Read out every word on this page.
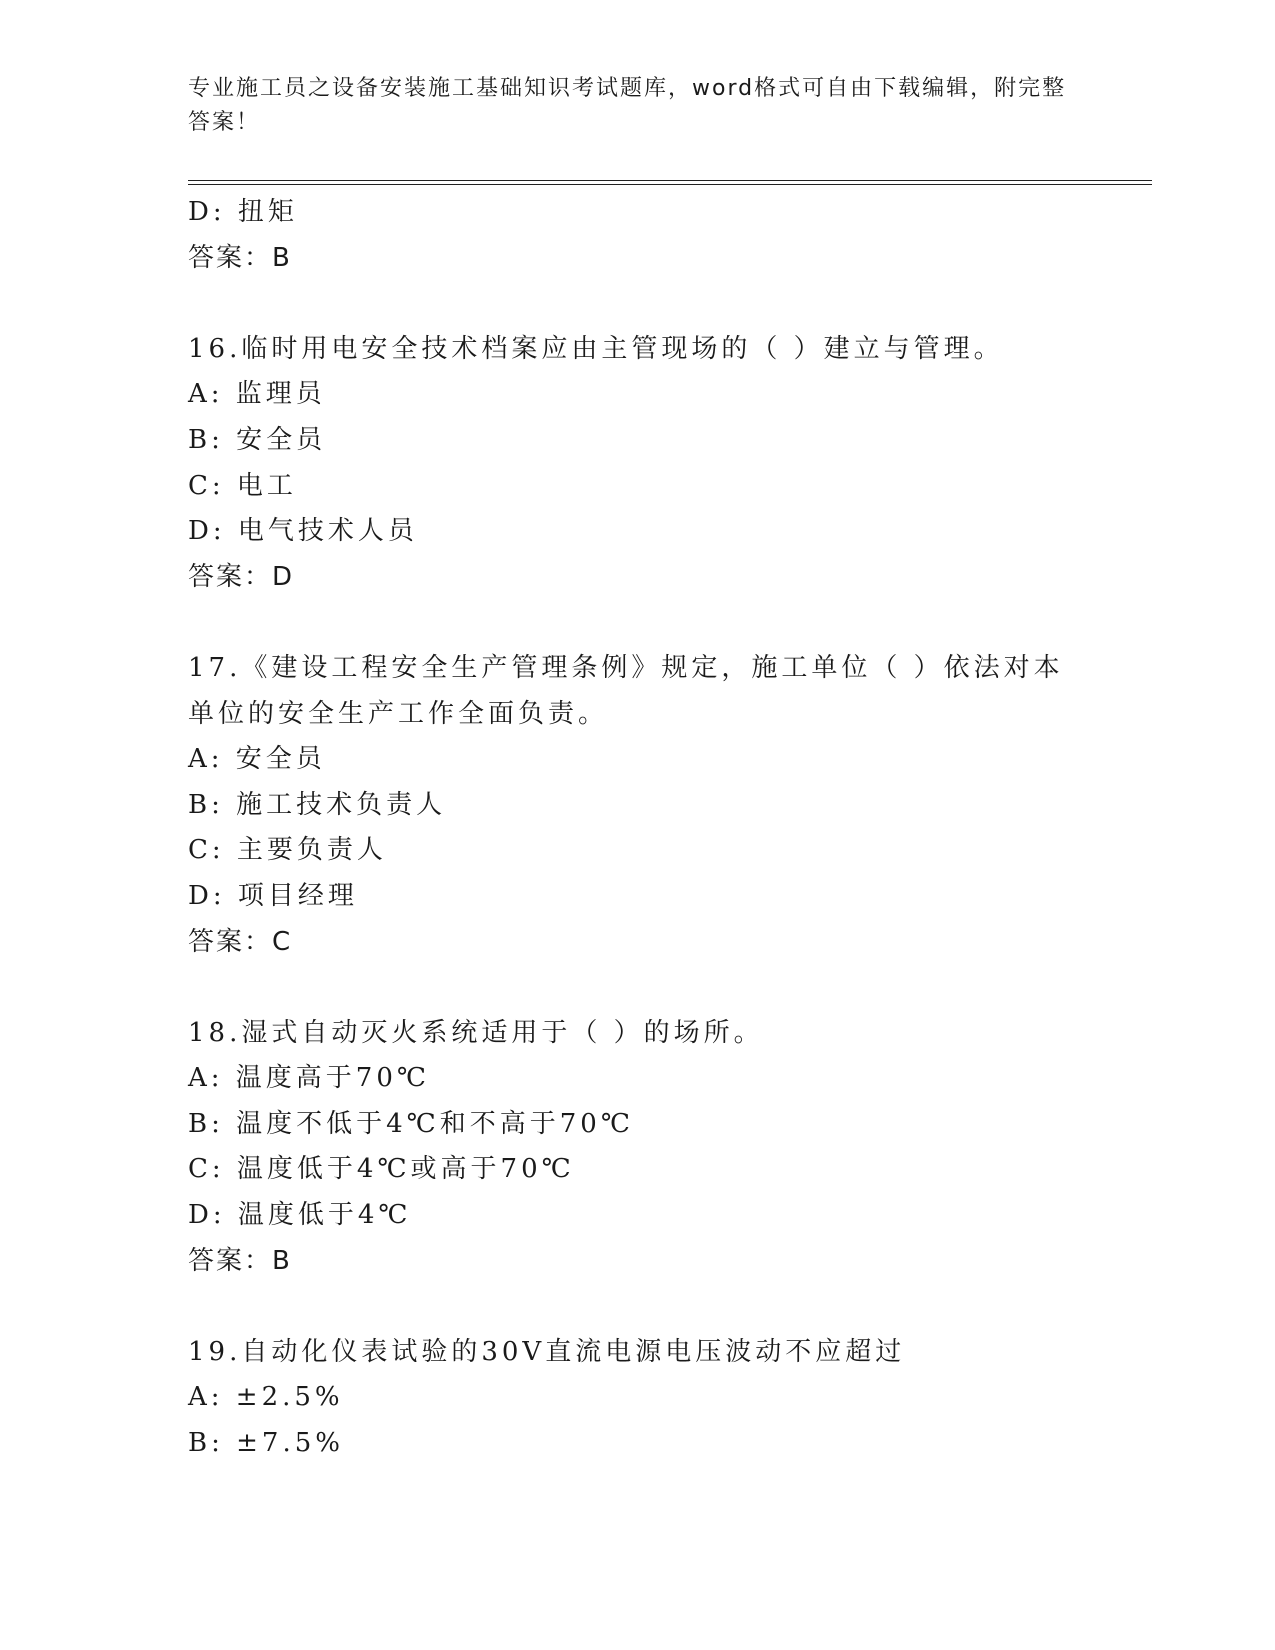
专业施工员之设备安装施工基础知识考试题库，word格式可自由下载编辑，附完整答案！
D: 扭矩
答案：B
16.临时用电安全技术档案应由主管现场的（ ）建立与管理。
A: 监理员
B: 安全员
C: 电工
D: 电气技术人员
答案：D
17.《建设工程安全生产管理条例》规定，施工单位（ ）依法对本单位的安全生产工作全面负责。
A: 安全员
B: 施工技术负责人
C: 主要负责人
D: 项目经理
答案：C
18.湿式自动灭火系统适用于（ ）的场所。
A: 温度高于70℃
B: 温度不低于4℃和不高于70℃
C: 温度低于4℃或高于70℃
D: 温度低于4℃
答案：B
19.自动化仪表试验的30V直流电源电压波动不应超过
A: ±2.5%
B: ±7.5%
